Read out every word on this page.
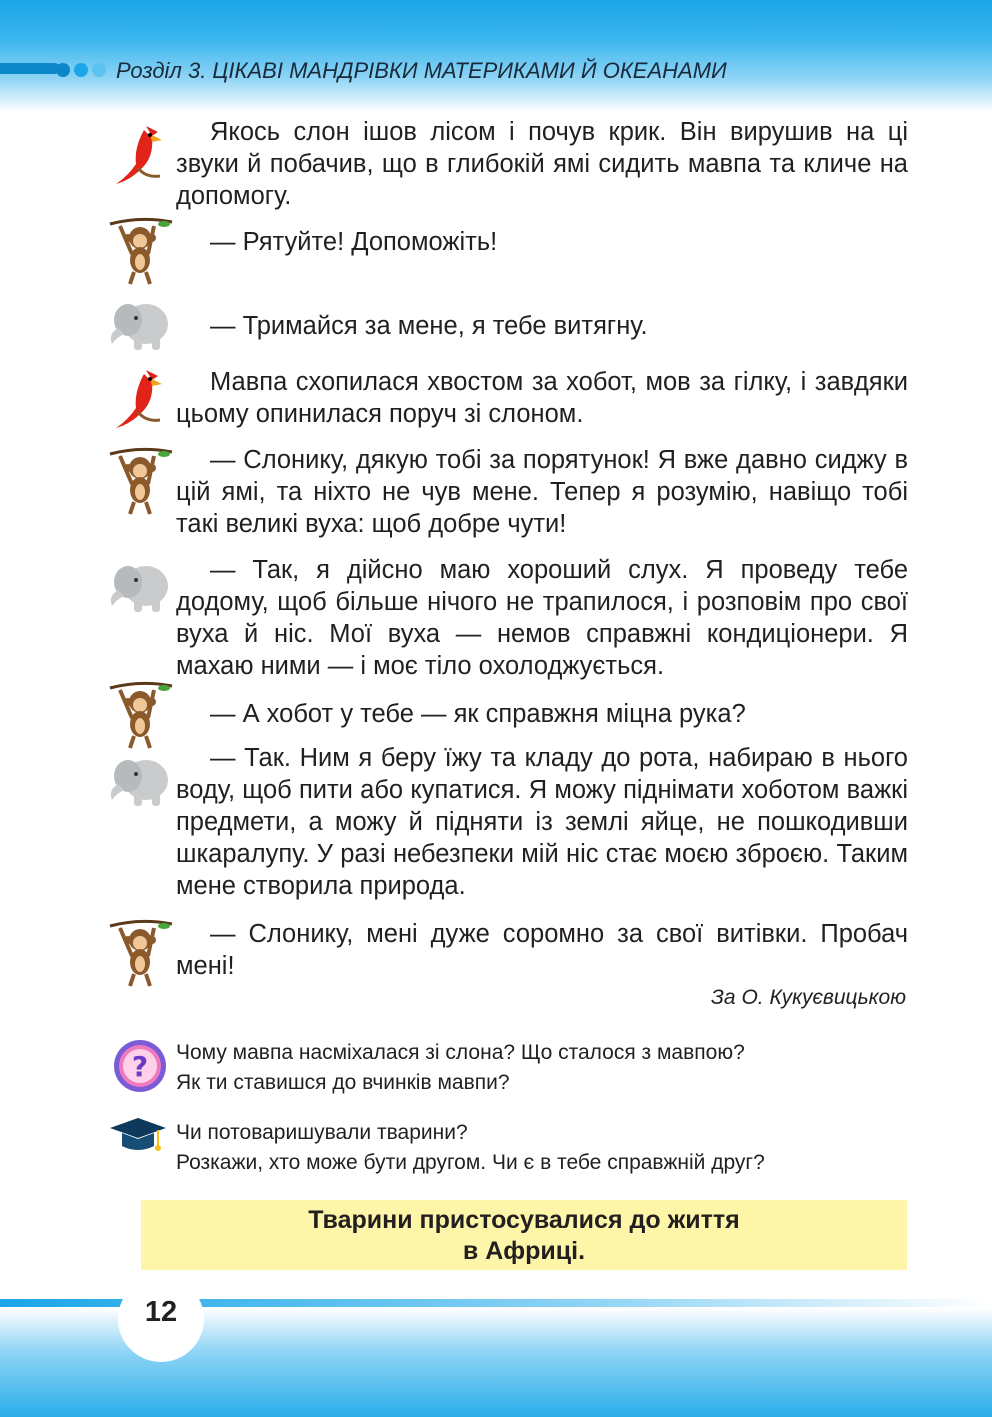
Розділ 3. ЦІКАВІ МАНДРІВКИ МАТЕРИКАМИ Й ОКЕАНАМИ
Якось слон ішов лісом і почув крик. Він вирушив на ці звуки й побачив, що в глибокій ямі сидить мавпа та кличе на допомогу.
— Рятуйте! Допоможіть!
— Тримайся за мене, я тебе витягну.
Мавпа схопилася хвостом за хобот, мов за гілку, і завдяки цьому опинилася поруч зі слоном.
— Слонику, дякую тобі за порятунок! Я вже давно сиджу в цій ямі, та ніхто не чув мене. Тепер я розумію, навіщо тобі такі великі вуха: щоб добре чути!
— Так, я дійсно маю хороший слух. Я проведу тебе додому, щоб більше нічого не трапилося, і розповім про свої вуха й ніс. Мої вуха — немов справжні кондиціонери. Я махаю ними — і моє тіло охолоджується.
— А хобот у тебе — як справжня міцна рука?
— Так. Ним я беру їжу та кладу до рота, набираю в нього воду, щоб пити або купатися. Я можу піднімати хоботом важкі предмети, а можу й підняти із землі яйце, не пошкодивши шкаралупу. У разі небезпеки мій ніс стає моєю зброєю. Таким мене створила природа.
— Слонику, мені дуже соромно за свої витівки. Пробач мені!
За О. Кукуєвицькою
? Чому мавпа насміхалася зі слона? Що сталося з мавпою?
Як ти ставишся до вчинків мавпи?
Чи потоваришували тварини?
Розкажи, хто може бути другом. Чи є в тебе справжній друг?
Тварини пристосувалися до життя
в Африці.
12
